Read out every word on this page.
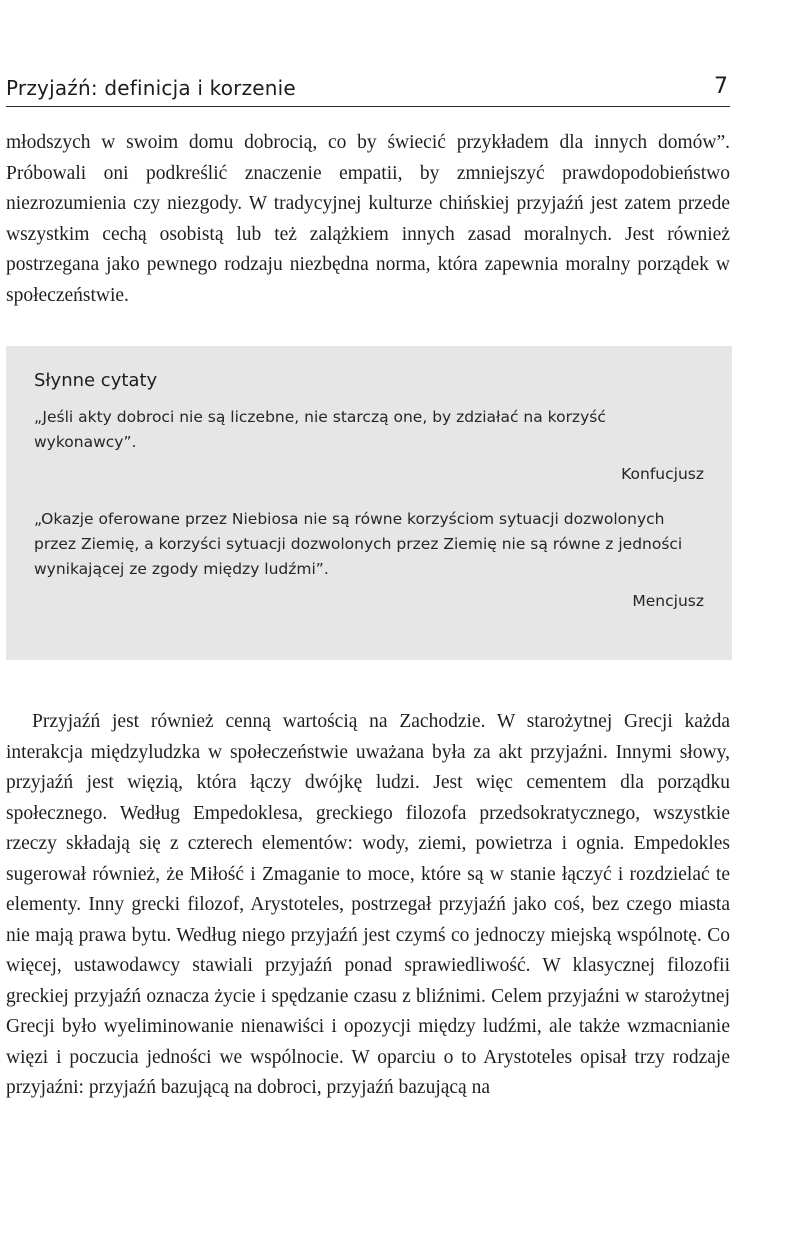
Przyjaźń: definicja i korzenie	7

młodszych w swoim domu dobrocią, co by świecić przykładem dla innych domów”. Próbowali oni podkreślić znaczenie empatii, by zmniejszyć prawdopodobieństwo niezrozumienia czy niezgody. W tradycyjnej kulturze chińskiej przyjaźń jest zatem przede wszystkim cechą osobistą lub też zalążkiem innych zasad moralnych. Jest również postrzegana jako pewnego rodzaju niezbędna norma, która zapewnia moralny porządek w społeczeństwie.

Słynne cytaty

„Jeśli akty dobroci nie są liczebne, nie starczą one, by zdziałać na korzyść wykonawcy”.

Konfucjusz

„Okazje oferowane przez Niebiosa nie są równe korzyściom sytuacji dozwolonych przez Ziemię, a korzyści sytuacji dozwolonych przez Ziemię nie są równe z jedności wynikającej ze zgody między ludźmi”.

Mencjusz

Przyjaźń jest również cenną wartością na Zachodzie. W starożytnej Grecji każda interakcja międzyludzka w społeczeństwie uważana była za akt przyjaźni. Innymi słowy, przyjaźń jest więzią, która łączy dwójkę ludzi. Jest więc cementem dla porządku społecznego. Według Empedoklesa, greckiego filozofa przedsokratycznego, wszystkie rzeczy składają się z czterech elementów: wody, ziemi, powietrza i ognia. Empedokles sugerował również, że Miłość i Zmaganie to moce, które są w stanie łączyć i rozdzielać te elementy. Inny grecki filozof, Arystoteles, postrzegał przyjaźń jako coś, bez czego miasta nie mają prawa bytu. Według niego przyjaźń jest czymś co jednoczy miejską wspólnotę. Co więcej, ustawodawcy stawiali przyjaźń ponad sprawiedliwość. W klasycznej filozofii greckiej przyjaźń oznacza życie i spędzanie czasu z bliźnimi. Celem przyjaźni w starożytnej Grecji było wyeliminowanie nienawiści i opozycji między ludźmi, ale także wzmacnianie więzi i poczucia jedności we wspólnocie. W oparciu o to Arystoteles opisał trzy rodzaje przyjaźni: przyjaźń bazującą na dobroci, przyjaźń bazującą na
